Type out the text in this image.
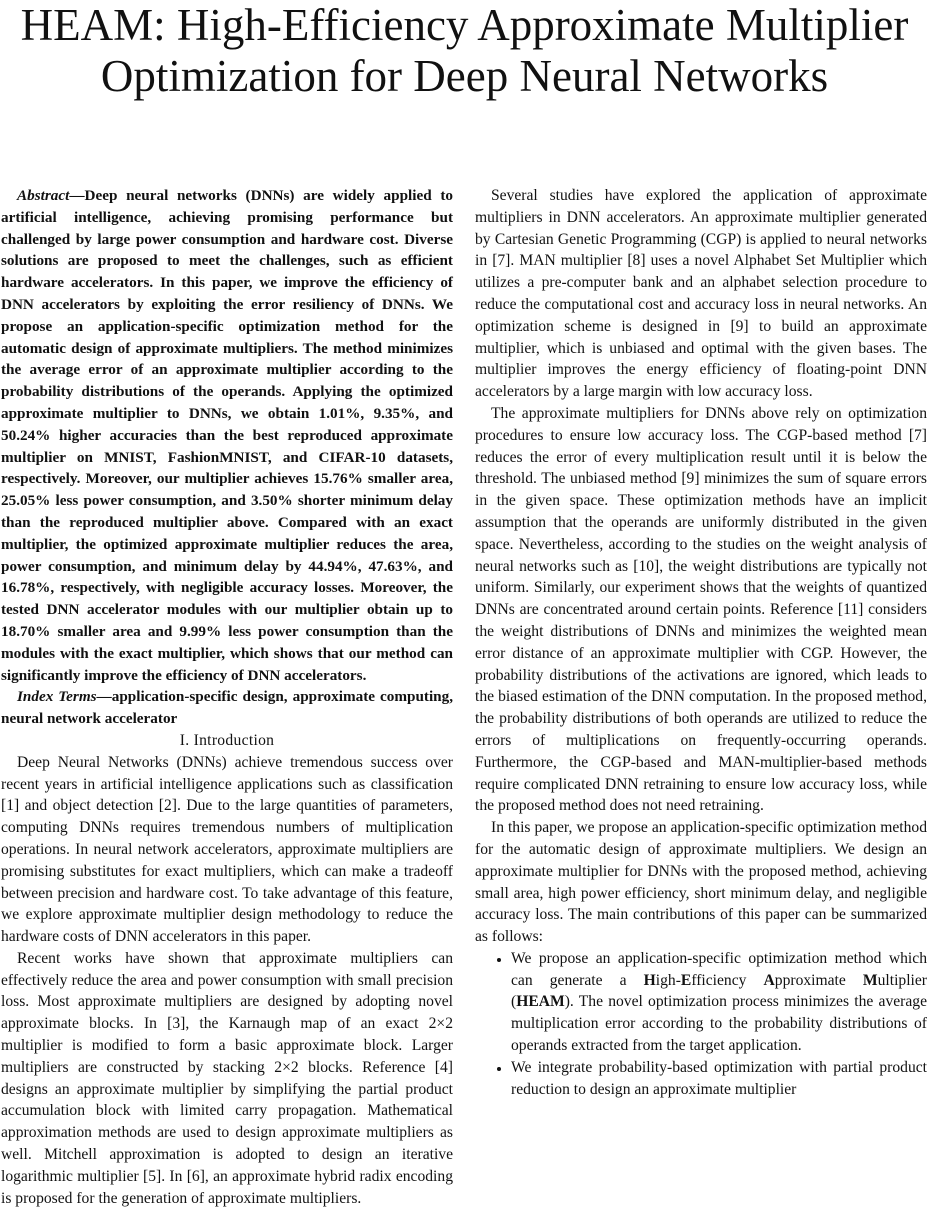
HEAM: High-Efficiency Approximate Multiplier
Optimization for Deep Neural Networks

Abstract—Deep neural networks (DNNs) are widely applied to artificial intelligence, achieving promising performance but challenged by large power consumption and hardware cost. Diverse solutions are proposed to meet the challenges, such as efficient hardware accelerators. In this paper, we improve the efficiency of DNN accelerators by exploiting the error resiliency of DNNs. We propose an application-specific optimization method for the automatic design of approximate multipliers. The method minimizes the average error of an approximate multiplier according to the probability distributions of the operands. Applying the optimized approximate multiplier to DNNs, we obtain 1.01%, 9.35%, and 50.24% higher accuracies than the best reproduced approximate multiplier on MNIST, FashionMNIST, and CIFAR-10 datasets, respectively. Moreover, our multiplier achieves 15.76% smaller area, 25.05% less power consumption, and 3.50% shorter minimum delay than the reproduced multiplier above. Compared with an exact multiplier, the optimized approximate multiplier reduces the area, power consumption, and minimum delay by 44.94%, 47.63%, and 16.78%, respectively, with negligible accuracy losses. Moreover, the tested DNN accelerator modules with our multiplier obtain up to 18.70% smaller area and 9.99% less power consumption than the modules with the exact multiplier, which shows that our method can significantly improve the efficiency of DNN accelerators.

Index Terms—application-specific design, approximate computing, neural network accelerator

I. Introduction

Deep Neural Networks (DNNs) achieve tremendous success over recent years in artificial intelligence applications such as classification [1] and object detection [2]. Due to the large quantities of parameters, computing DNNs requires tremendous numbers of multiplication operations. In neural network accelerators, approximate multipliers are promising substitutes for exact multipliers, which can make a tradeoff between precision and hardware cost. To take advantage of this feature, we explore approximate multiplier design methodology to reduce the hardware costs of DNN accelerators in this paper.

Recent works have shown that approximate multipliers can effectively reduce the area and power consumption with small precision loss. Most approximate multipliers are designed by adopting novel approximate blocks. In [3], the Karnaugh map of an exact 2×2 multiplier is modified to form a basic approximate block. Larger multipliers are constructed by stacking 2×2 blocks. Reference [4] designs an approximate multiplier by simplifying the partial product accumulation block with limited carry propagation. Mathematical approximation methods are used to design approximate multipliers as well. Mitchell approximation is adopted to design an iterative logarithmic multiplier [5]. In [6], an approximate hybrid radix encoding is proposed for the generation of approximate multipliers.

Several studies have explored the application of approximate multipliers in DNN accelerators. An approximate multiplier generated by Cartesian Genetic Programming (CGP) is applied to neural networks in [7]. MAN multiplier [8] uses a novel Alphabet Set Multiplier which utilizes a pre-computer bank and an alphabet selection procedure to reduce the computational cost and accuracy loss in neural networks. An optimization scheme is designed in [9] to build an approximate multiplier, which is unbiased and optimal with the given bases. The multiplier improves the energy efficiency of floating-point DNN accelerators by a large margin with low accuracy loss.

The approximate multipliers for DNNs above rely on optimization procedures to ensure low accuracy loss. The CGP-based method [7] reduces the error of every multiplication result until it is below the threshold. The unbiased method [9] minimizes the sum of square errors in the given space. These optimization methods have an implicit assumption that the operands are uniformly distributed in the given space. Nevertheless, according to the studies on the weight analysis of neural networks such as [10], the weight distributions are typically not uniform. Similarly, our experiment shows that the weights of quantized DNNs are concentrated around certain points. Reference [11] considers the weight distributions of DNNs and minimizes the weighted mean error distance of an approximate multiplier with CGP. However, the probability distributions of the activations are ignored, which leads to the biased estimation of the DNN computation. In the proposed method, the probability distributions of both operands are utilized to reduce the errors of multiplications on frequently-occurring operands. Furthermore, the CGP-based and MAN-multiplier-based methods require complicated DNN retraining to ensure low accuracy loss, while the proposed method does not need retraining.

In this paper, we propose an application-specific optimization method for the automatic design of approximate multipliers. We design an approximate multiplier for DNNs with the proposed method, achieving small area, high power efficiency, short minimum delay, and negligible accuracy loss. The main contributions of this paper can be summarized as follows:

• We propose an application-specific optimization method which can generate a High-Efficiency Approximate Multiplier (HEAM). The novel optimization process minimizes the average multiplication error according to the probability distributions of operands extracted from the target application.
• We integrate probability-based optimization with partial product reduction to design an approximate multiplier
